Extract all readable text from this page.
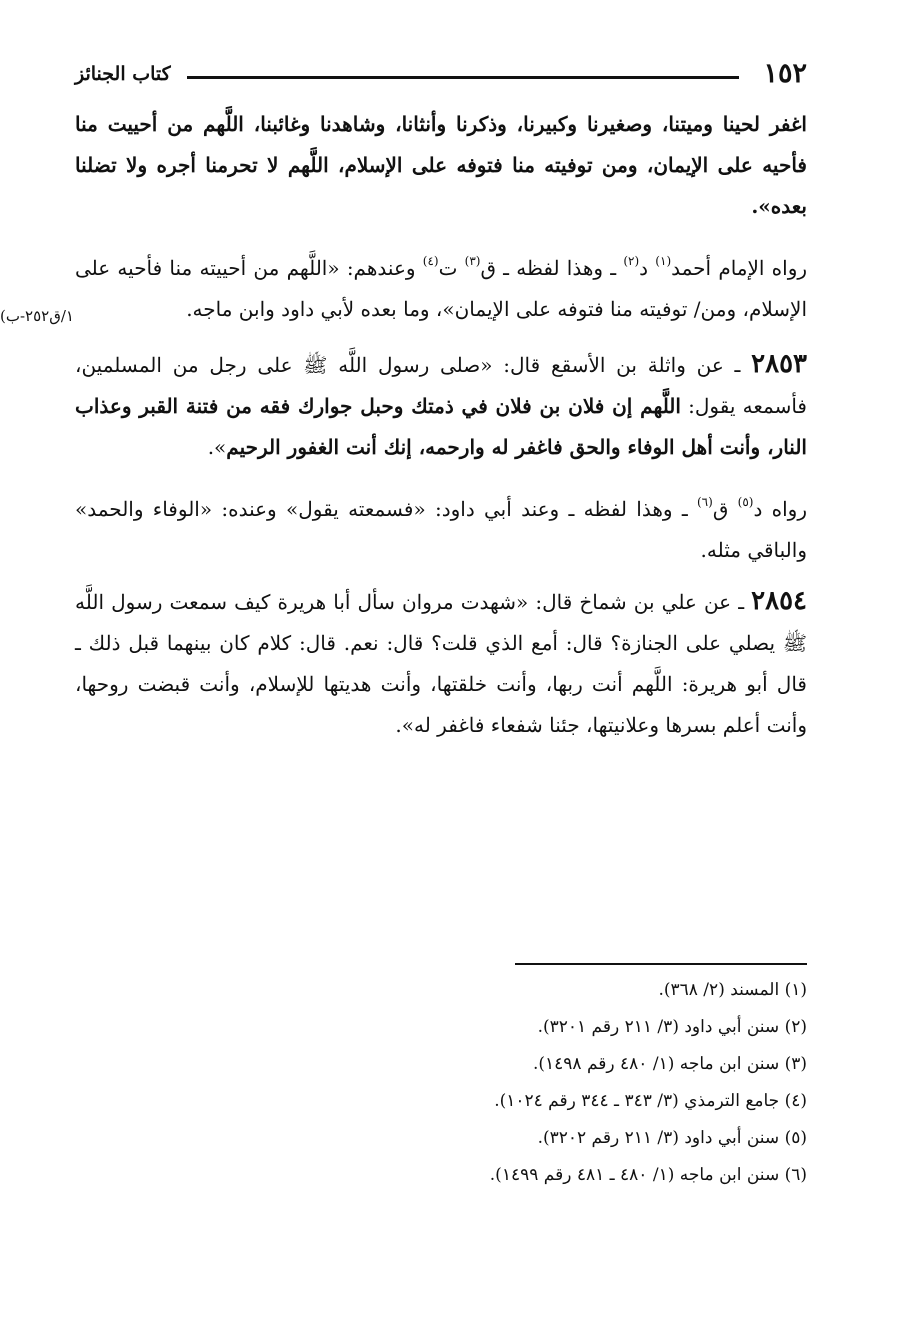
١٥٢
كتاب الجنائز
١/ق٢٥٢-ب)

اغفر لحينا وميتنا، وصغيرنا وكبيرنا، وذكرنا وأنثانا، وشاهدنا وغائبنا، اللَّهم من أحييت منا فأحيه على الإيمان، ومن توفيته منا فتوفه على الإسلام، اللَّهم لا تحرمنا أجره ولا تضلنا بعده».

رواه الإمام أحمد$^{(١)}$ د$^{(٢)}$ ـ وهذا لفظه ـ ق$^{(٣)}$ ت$^{(٤)}$ وعندهم: «اللَّهم من أحييته منا فأحيه على الإسلام، ومن/ توفيته منا فتوفه على الإيمان»، وما بعده لأبي داود وابن ماجه.

٢٨٥٣ ـ عن واثلة بن الأسقع قال: «صلى رسول اللَّه ﷺ على رجل من المسلمين، فأسمعه يقول: اللَّهم إن فلان بن فلان في ذمتك وحبل جوارك فقه من فتنة القبر وعذاب النار، وأنت أهل الوفاء والحق فاغفر له وارحمه، إنك أنت الغفور الرحيم».

رواه د$^{(٥)}$ ق$^{(٦)}$ ـ وهذا لفظه ـ وعند أبي داود: «فسمعته يقول» وعنده: «الوفاء والحمد» والباقي مثله.

٢٨٥٤ ـ عن علي بن شماخ قال: «شهدت مروان سأل أبا هريرة كيف سمعت رسول اللَّه ﷺ يصلي على الجنازة؟ قال: أمع الذي قلت؟ قال: نعم. قال: كلام كان بينهما قبل ذلك ـ قال أبو هريرة: اللَّهم أنت ربها، وأنت خلقتها، وأنت هديتها للإسلام، وأنت قبضت روحها، وأنت أعلم بسرها وعلانيتها، جئنا شفعاء فاغفر له».

(١) المسند (٢/ ٣٦٨).
(٢) سنن أبي داود (٣/ ٢١١ رقم ٣٢٠١).
(٣) سنن ابن ماجه (١/ ٤٨٠ رقم ١٤٩٨).
(٤) جامع الترمذي (٣/ ٣٤٣ ـ ٣٤٤ رقم ١٠٢٤).
(٥) سنن أبي داود (٣/ ٢١١ رقم ٣٢٠٢).
(٦) سنن ابن ماجه (١/ ٤٨٠ ـ ٤٨١ رقم ١٤٩٩).
